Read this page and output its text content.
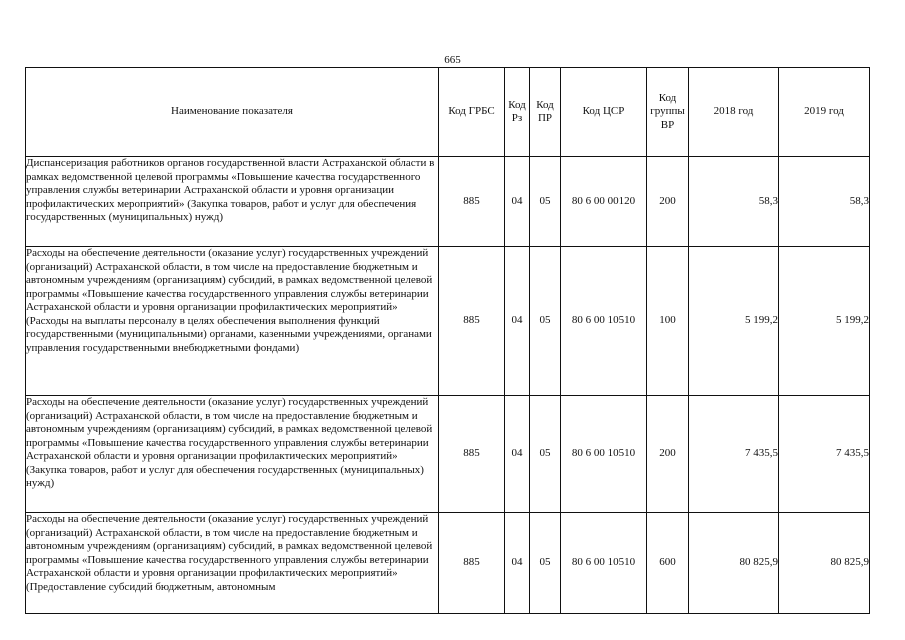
665
Наименование показателя	Код ГРБС	Код Рз	Код ПР	Код ЦСР	Код группы ВР	2018 год	2019 год
Диспансеризация работников органов государственной власти Астраханской области в рамках ведомственной целевой программы «Повышение качества государственного управления службы ветеринарии Астраханской области и уровня организации профилактических мероприятий» (Закупка товаров, работ и услуг для обеспечения государственных (муниципальных) нужд)	885	04	05	80 6 00 00120	200	58,3	58,3
Расходы на обеспечение деятельности (оказание услуг) государственных учреждений (организаций) Астраханской области, в том числе на предоставление бюджетным и автономным учреждениям (организациям) субсидий, в рамках ведомственной целевой программы «Повышение качества государственного управления службы ветеринарии Астраханской области и уровня организации профилактических мероприятий» (Расходы на выплаты персоналу в целях обеспечения выполнения функций государственными (муниципальными) органами, казенными учреждениями, органами управления государственными внебюджетными фондами)	885	04	05	80 6 00 10510	100	5 199,2	5 199,2
Расходы на обеспечение деятельности (оказание услуг) государственных учреждений (организаций) Астраханской области, в том числе на предоставление бюджетным и автономным учреждениям (организациям) субсидий, в рамках ведомственной целевой программы «Повышение качества государственного управления службы ветеринарии Астраханской области и уровня организации профилактических мероприятий» (Закупка товаров, работ и услуг для обеспечения государственных (муниципальных) нужд)	885	04	05	80 6 00 10510	200	7 435,5	7 435,5
Расходы на обеспечение деятельности (оказание услуг) государственных учреждений (организаций) Астраханской области, в том числе на предоставление бюджетным и автономным учреждениям (организациям) субсидий, в рамках ведомственной целевой программы «Повышение качества государственного управления службы ветеринарии Астраханской области и уровня организации профилактических мероприятий» (Предоставление субсидий бюджетным, автономным	885	04	05	80 6 00 10510	600	80 825,9	80 825,9
